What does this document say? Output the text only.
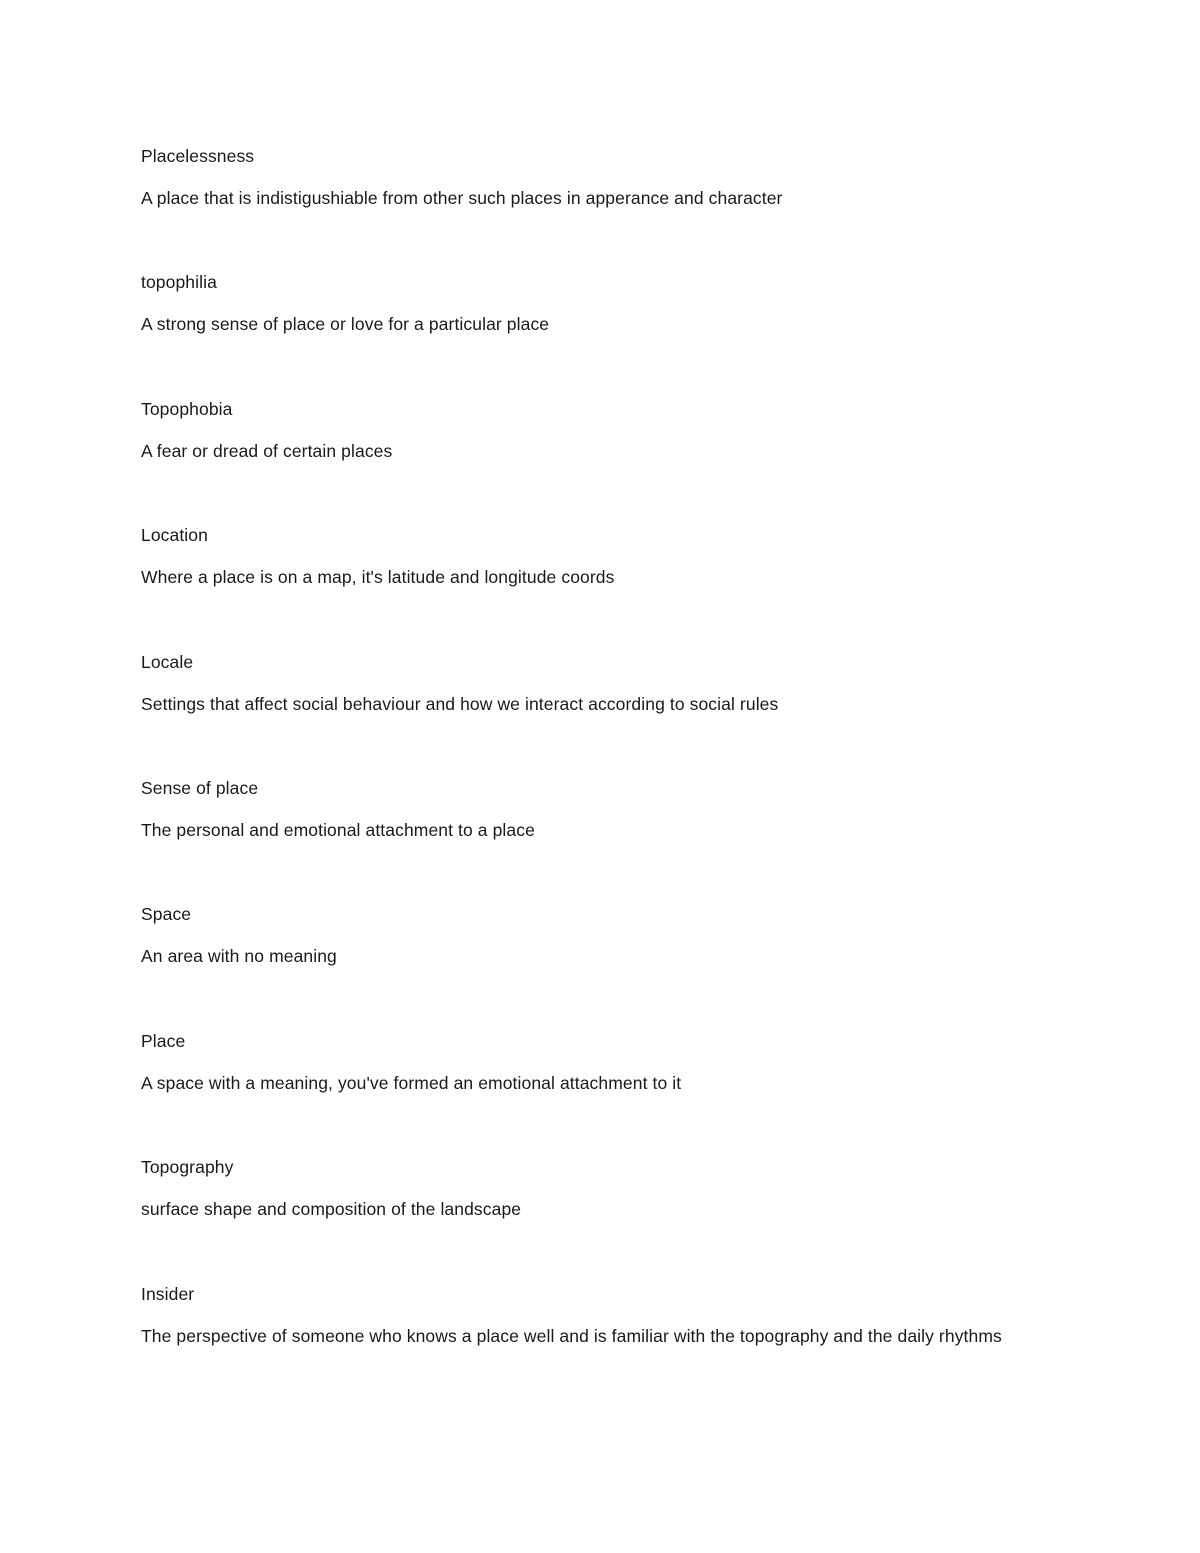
Placelessness
A place that is indistigushiable from other such places in apperance and character
topophilia
A strong sense of place or love for a particular place
Topophobia
A fear or dread of certain places
Location
Where a place is on a map, it's latitude and longitude coords
Locale
Settings that affect social behaviour and how we interact according to social rules
Sense of place
The personal and emotional attachment to a place
Space
An area with no meaning
Place
A space with a meaning, you've formed an emotional attachment to it
Topography
surface shape and composition of the landscape
Insider
The perspective of someone who knows a place well and is familiar with the topography and the daily rhythms
